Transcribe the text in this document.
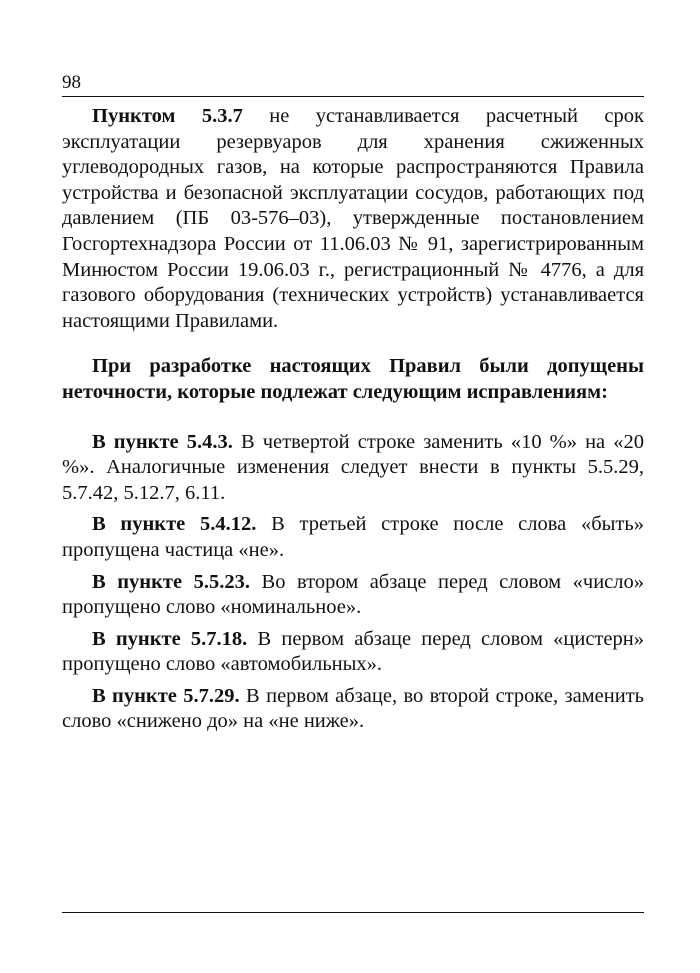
98

Пунктом 5.3.7 не устанавливается расчетный срок эксплуатации резервуаров для хранения сжиженных углеводородных газов, на которые распространяются Правила устройства и безопасной эксплуатации сосудов, работающих под давлением (ПБ 03-576–03), утвержденные постановлением Госгортехнадзора России от 11.06.03 № 91, зарегистрированным Минюстом России 19.06.03 г., регистрационный № 4776, а для газового оборудования (технических устройств) устанавливается настоящими Правилами.

При разработке настоящих Правил были допущены неточности, которые подлежат следующим исправлениям:

В пункте 5.4.3. В четвертой строке заменить «10 %» на «20 %». Аналогичные изменения следует внести в пункты 5.5.29, 5.7.42, 5.12.7, 6.11.

В пункте 5.4.12. В третьей строке после слова «быть» пропущена частица «не».

В пункте 5.5.23. Во втором абзаце перед словом «число» пропущено слово «номинальное».

В пункте 5.7.18. В первом абзаце перед словом «цистерн» пропущено слово «автомобильных».

В пункте 5.7.29. В первом абзаце, во второй строке, заменить слово «снижено до» на «не ниже».
